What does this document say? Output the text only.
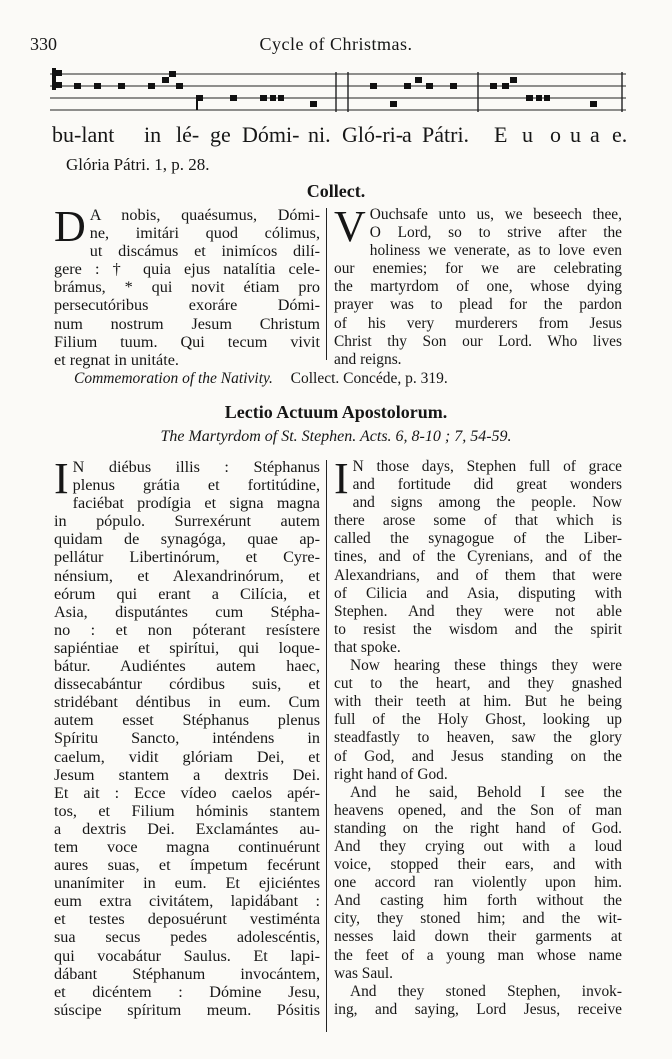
330	Cycle of Christmas.
bu-lant in lé- ge Dómi- ni. Gló-ri-
a Pátri. E u o u a e.
Glória Pátri. 1, p. 28.
Collect.
D A nobis, quaésumus, Dómi-
ne, imitári quod cólimus,
ut discámus et inimícos dilí-
gere : † quia ejus natalítia cele-
brámus, * qui novit étiam pro
persecutóribus exoráre Dómi-
num nostrum Jesum Christum
Filium tuum. Qui tecum vivit
et regnat in unitáte.
V Ouchsafe unto us, we beseech thee,
O Lord, so to strive after the
holiness we venerate, as to love even
our enemies; for we are celebrating
the martyrdom of one, whose dying
prayer was to plead for the pardon
of his very murderers from Jesus
Christ thy Son our Lord. Who lives
and reigns.
Commemoration of the Nativity. Collect. Concéde, p. 319.
Lectio Actuum Apostolorum.
The Martyrdom of St. Stephen. Acts. 6, 8-10 ; 7, 54-59.
I N diébus illis : Stéphanus
plenus grátia et fortitúdine,
faciébat prodígia et signa magna
in pópulo. Surrexérunt autem
quidam de synagóga, quae ap-
pellátur Libertinórum, et Cyre-
nénsium, et Alexandrinórum, et
eórum qui erant a Cilícia, et
Asia, disputántes cum Stépha-
no : et non póterant resístere
sapiéntiae et spirítui, qui loque-
bátur. Audiéntes autem haec,
dissecabántur córdibus suis, et
stridébant déntibus in eum. Cum
autem esset Stéphanus plenus
Spíritu Sancto, inténdens in
caelum, vidit glóriam Dei, et
Jesum stantem a dextris Dei.
Et ait : Ecce vídeo caelos apér-
tos, et Filium hóminis stantem
a dextris Dei. Exclamántes au-
tem voce magna continuérunt
aures suas, et ímpetum fecérunt
unanímiter in eum. Et ejiciéntes
eum extra civitátem, lapidábant :
et testes deposuérunt vestiménta
sua secus pedes adolescéntis,
qui vocabátur Saulus. Et lapi-
dábant Stéphanum invocántem,
et dicéntem : Dómine Jesu,
súscipe spíritum meum. Pósitis
I N those days, Stephen full of grace
and fortitude did great wonders
and signs among the people. Now
there arose some of that which is
called the synagogue of the Liber-
tines, and of the Cyrenians, and of the
Alexandrians, and of them that were
of Cilicia and Asia, disputing with
Stephen. And they were not able
to resist the wisdom and the spirit
that spoke.
Now hearing these things they were
cut to the heart, and they gnashed
with their teeth at him. But he being
full of the Holy Ghost, looking up
steadfastly to heaven, saw the glory
of God, and Jesus standing on the
right hand of God.
And he said, Behold I see the
heavens opened, and the Son of man
standing on the right hand of God.
And they crying out with a loud
voice, stopped their ears, and with
one accord ran violently upon him.
And casting him forth without the
city, they stoned him; and the wit-
nesses laid down their garments at
the feet of a young man whose name
was Saul.
And they stoned Stephen, invok-
ing, and saying, Lord Jesus, receive
